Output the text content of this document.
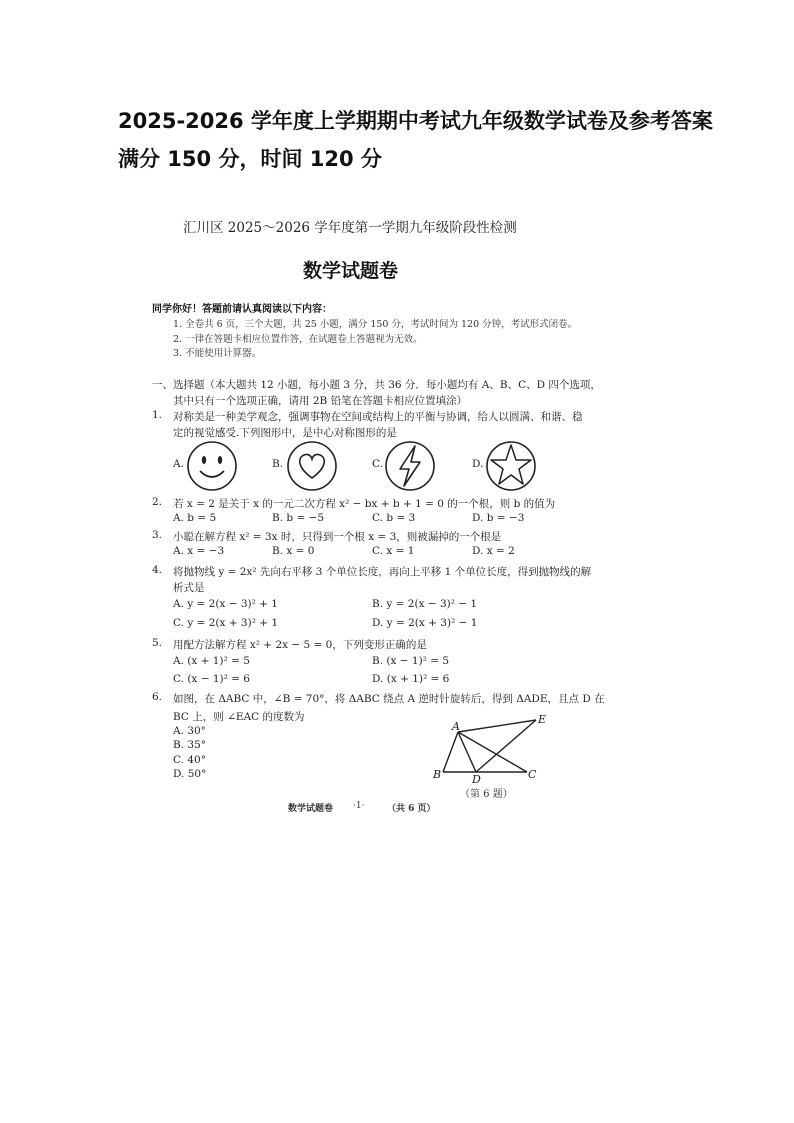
2025-2026 学年度上学期期中考试九年级数学试卷及参考答案 满分 150 分，时间 120 分
汇川区 2025～2026 学年度第一学期九年级阶段性检测
数学试题卷
同学你好！答题前请认真阅读以下内容：
1. 全卷共 6 页，三个大题，共 25 小题，满分 150 分，考试时间为 120 分钟，考试形式闭卷。
2. 一律在答题卡相应位置作答，在试题卷上答题视为无效。
3. 不能使用计算器。
一、选择题（本大题共 12 小题，每小题 3 分，共 36 分．每小题均有 A、B、C、D 四个选项，
其中只有一个选项正确，请用 2B 铅笔在答题卡相应位置填涂）
1. 对称美是一种美学观念，强调事物在空间或结构上的平衡与协调，给人以圆满、和谐、稳
定的视觉感受.下列图形中，是中心对称图形的是
A.	B.	C.	D.
2. 若 x = 2 是关于 x 的一元二次方程 x² − bx + b + 1 = 0 的一个根，则 b 的值为
A. b = 5	B. b = −5	C. b = 3	D. b = −3
3. 小聪在解方程 x² = 3x 时，只得到一个根 x = 3，则被漏掉的一个根是
A. x = −3	B. x = 0	C. x = 1	D. x = 2
4. 将抛物线 y = 2x² 先向右平移 3 个单位长度，再向上平移 1 个单位长度，得到抛物线的解
析式是
A. y = 2(x − 3)² + 1	B. y = 2(x − 3)² − 1
C. y = 2(x + 3)² + 1	D. y = 2(x + 3)² − 1
5. 用配方法解方程 x² + 2x − 5 = 0，下列变形正确的是
A. (x + 1)² = 5	B. (x − 1)² = 5
C. (x − 1)² = 6	D. (x + 1)² = 6
6. 如图，在 ΔABC 中，∠B = 70°，将 ΔABC 绕点 A 逆时针旋转后，得到 ΔADE，且点 D 在
BC 上，则 ∠EAC 的度数为
A. 30°
B. 35°
C. 40°
D. 50°
A
B	C
D
E
（第 6 题）
数学试题卷 ·1·	（共 6 页）
